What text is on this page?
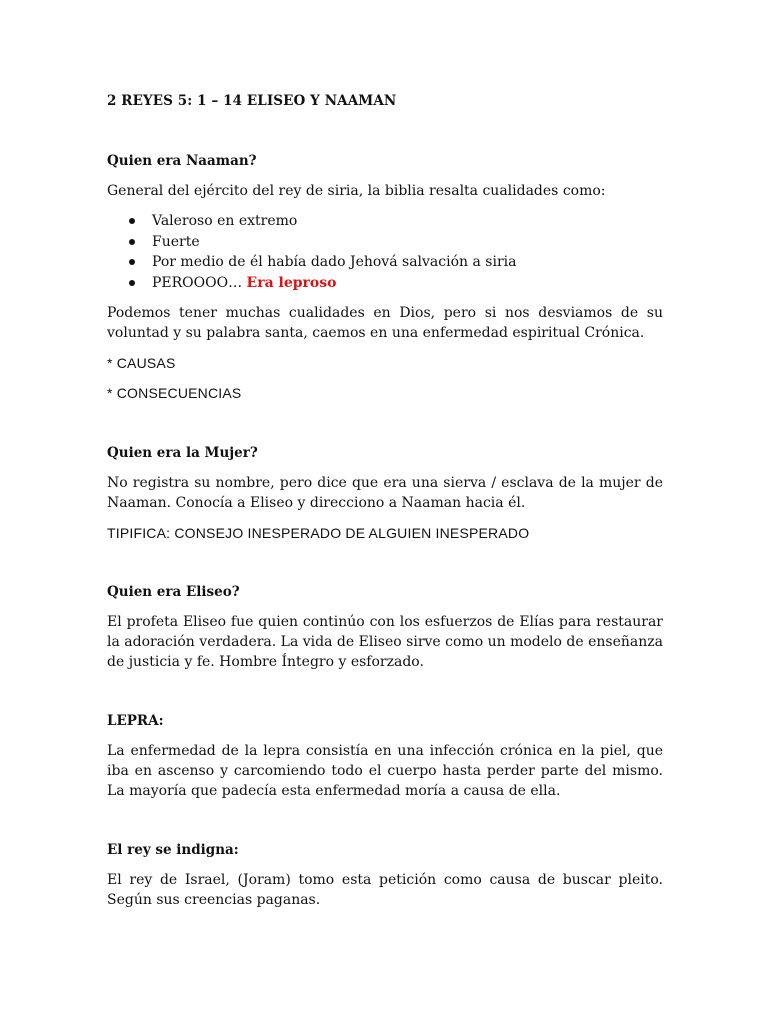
2 REYES 5: 1 – 14 ELISEO Y NAAMAN
Quien era Naaman?
General del ejército del rey de siria, la biblia resalta cualidades como:
Valeroso en extremo
Fuerte
Por medio de él había dado Jehová salvación a siria
PEROOOO… Era leproso
Podemos tener muchas cualidades en Dios, pero si nos desviamos de su voluntad y su palabra santa, caemos en una enfermedad espiritual Crónica.
* CAUSAS
* CONSECUENCIAS
Quien era la Mujer?
No registra su nombre, pero dice que era una sierva / esclava de la mujer de Naaman. Conocía a Eliseo y direcciono a Naaman hacia él.
TIPIFICA: CONSEJO INESPERADO DE ALGUIEN INESPERADO
Quien era Eliseo?
El profeta Eliseo fue quien continúo con los esfuerzos de Elías para restaurar la adoración verdadera. La vida de Eliseo sirve como un modelo de enseñanza de justicia y fe. Hombre Íntegro y esforzado.
LEPRA:
La enfermedad de la lepra consistía en una infección crónica en la piel, que iba en ascenso y carcomiendo todo el cuerpo hasta perder parte del mismo. La mayoría que padecía esta enfermedad moría a causa de ella.
El rey se indigna:
El rey de Israel, (Joram) tomo esta petición como causa de buscar pleito. Según sus creencias paganas.
